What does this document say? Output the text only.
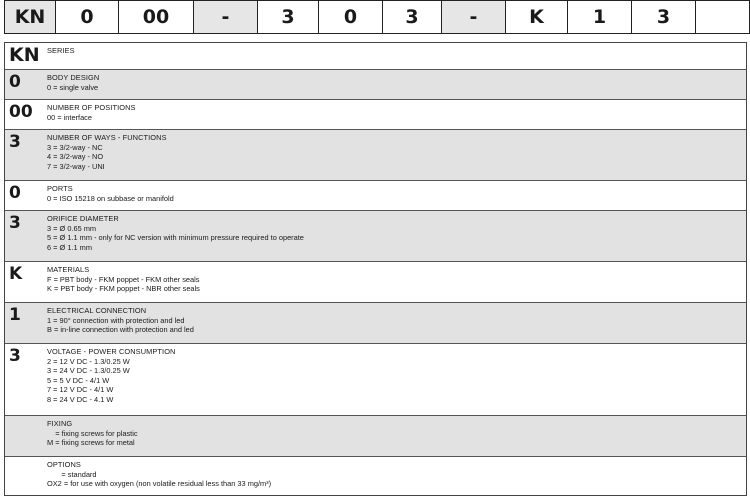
KN	0	00	-	3	0	3	-	K	1	3
KN SERIES
0	BODY DESIGN
0 = single valve
00	NUMBER OF POSITIONS
00 = interface
3	NUMBER OF WAYS - FUNCTIONS
3 = 3/2-way - NC
4 = 3/2-way - NO
7 = 3/2-way - UNI
0	PORTS
0 = ISO 15218 on subbase or manifold
3	ORIFICE DIAMETER
3 = Ø 0.65 mm
5 = Ø 1.1 mm - only for NC version with minimum pressure required to operate
6 = Ø 1.1 mm
K	MATERIALS
F = PBT body - FKM poppet - FKM other seals
K = PBT body - FKM poppet - NBR other seals
1	ELECTRICAL CONNECTION
1 = 90° connection with protection and led
B = in-line connection with protection and led
3	VOLTAGE - POWER CONSUMPTION
2 = 12 V DC - 1.3/0.25 W
3 = 24 V DC - 1.3/0.25 W
5 = 5 V DC - 4/1 W
7 = 12 V DC - 4/1 W
8 = 24 V DC - 4.1 W
FIXING
= fixing screws for plastic
M = fixing screws for metal
OPTIONS
= standard
OX2 = for use with oxygen (non volatile residual less than 33 mg/m³)
